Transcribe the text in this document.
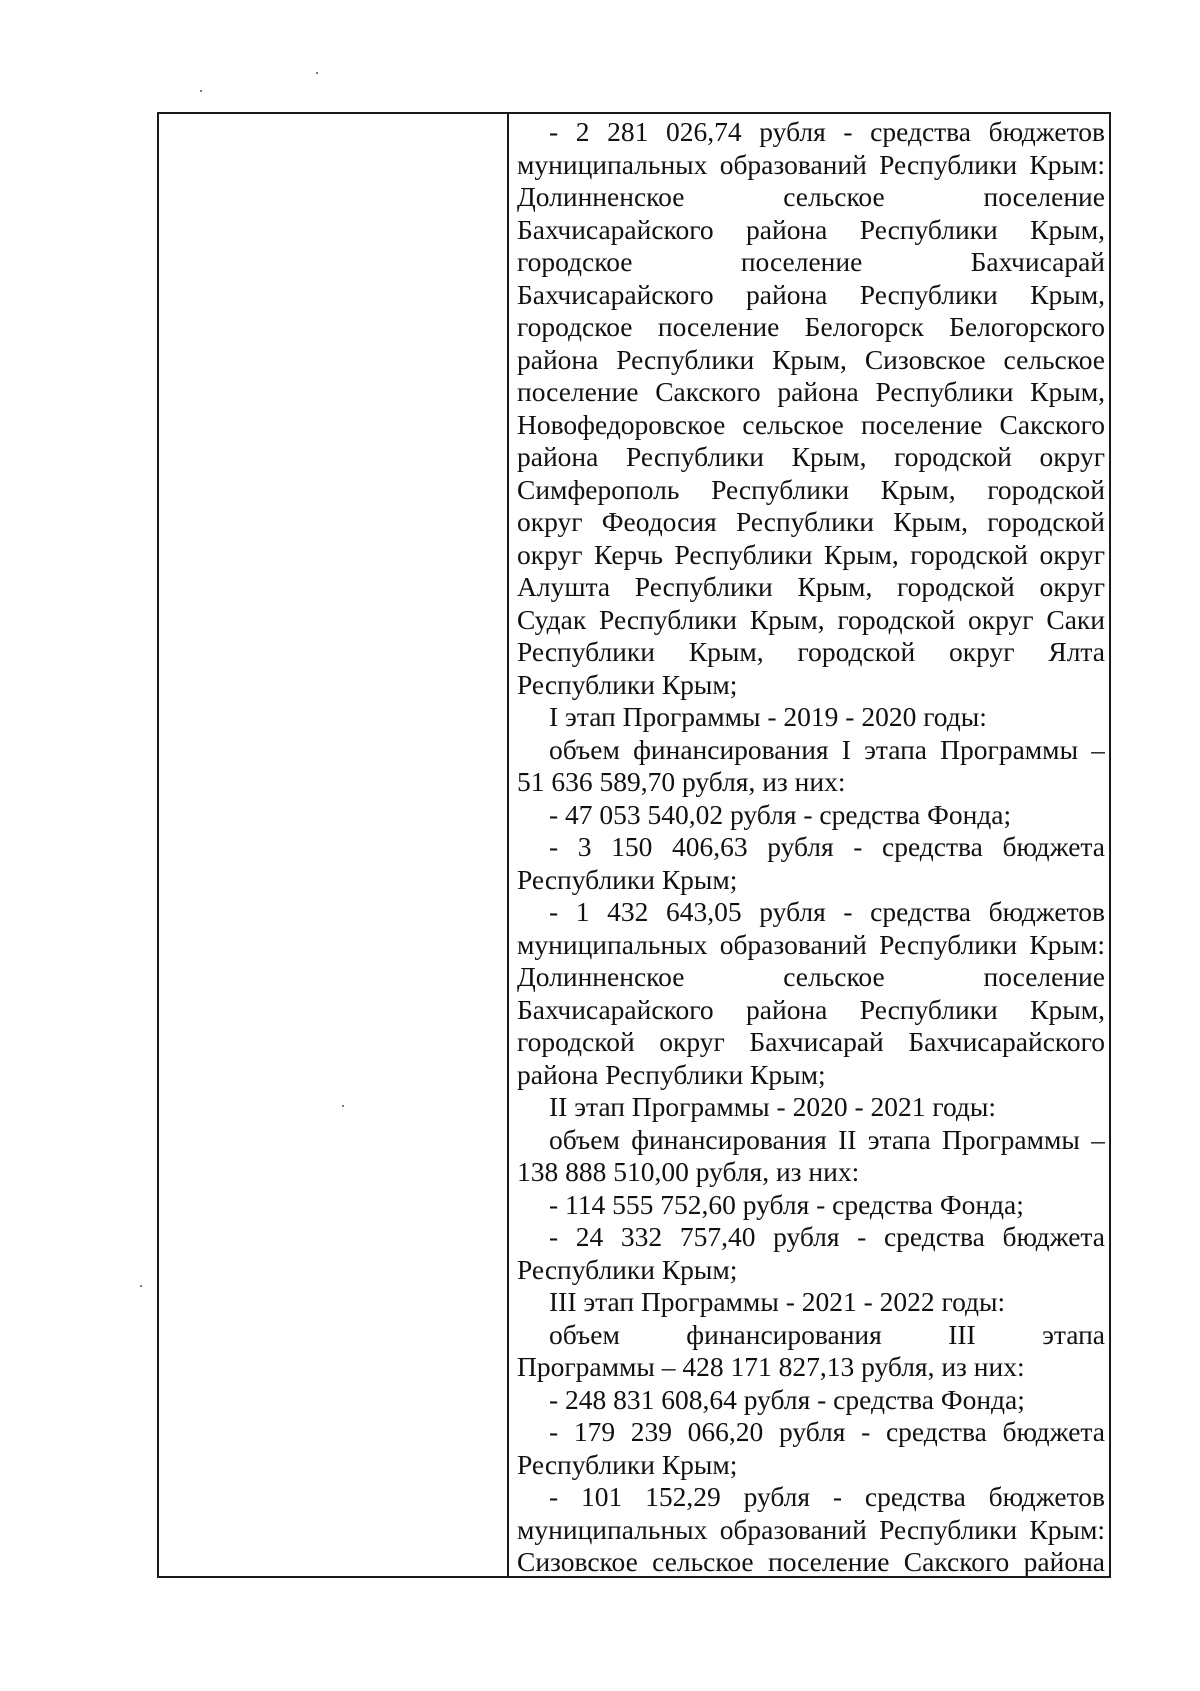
- 2 281 026,74 рубля - средства бюджетов
муниципальных образований Республики Крым:
Долинненское сельское поселение
Бахчисарайского района Республики Крым,
городское поселение Бахчисарай
Бахчисарайского района Республики Крым,
городское поселение Белогорск Белогорского
района Республики Крым, Сизовское сельское
поселение Сакского района Республики Крым,
Новофедоровское сельское поселение Сакского
района Республики Крым, городской округ
Симферополь Республики Крым, городской
округ Феодосия Республики Крым, городской
округ Керчь Республики Крым, городской округ
Алушта Республики Крым, городской округ
Судак Республики Крым, городской округ Саки
Республики Крым, городской округ Ялта
Республики Крым;
I этап Программы - 2019 - 2020 годы:
объем финансирования I этапа Программы –
51 636 589,70 рубля, из них:
- 47 053 540,02 рубля - средства Фонда;
- 3 150 406,63 рубля - средства бюджета
Республики Крым;
- 1 432 643,05 рубля - средства бюджетов
муниципальных образований Республики Крым:
Долинненское сельское поселение
Бахчисарайского района Республики Крым,
городской округ Бахчисарай Бахчисарайского
района Республики Крым;
II этап Программы - 2020 - 2021 годы:
объем финансирования II этапа Программы –
138 888 510,00 рубля, из них:
- 114 555 752,60 рубля - средства Фонда;
- 24 332 757,40 рубля - средства бюджета
Республики Крым;
III этап Программы - 2021 - 2022 годы:
объем финансирования III этапа
Программы – 428 171 827,13 рубля, из них:
- 248 831 608,64 рубля - средства Фонда;
- 179 239 066,20 рубля - средства бюджета
Республики Крым;
- 101 152,29 рубля - средства бюджетов
муниципальных образований Республики Крым:
Сизовское сельское поселение Сакского района
